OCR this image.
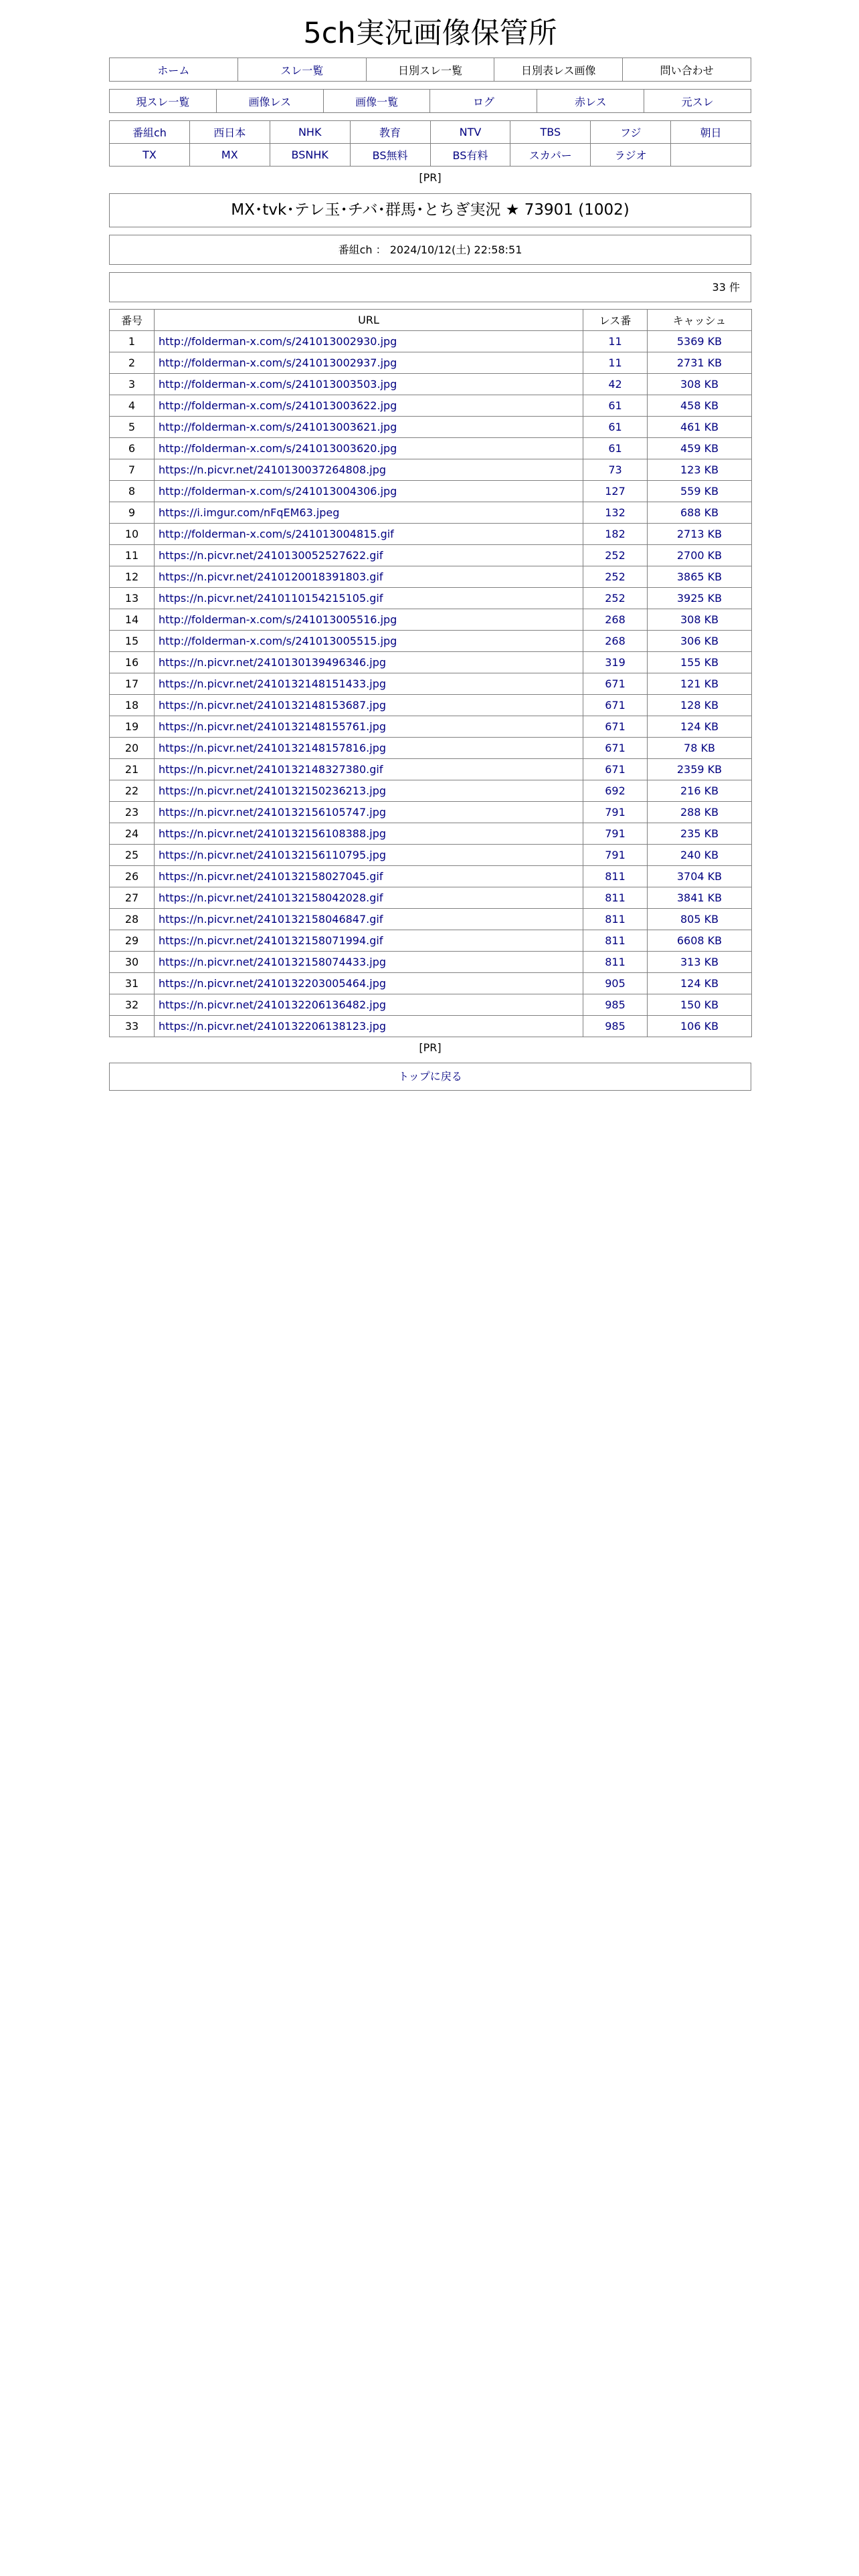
5ch実況画像保管所
ホーム	スレ一覧	日別スレ一覧	日別表レス画像	問い合わせ
現スレ一覧	画像レス	画像一覧	ログ	赤レス	元スレ
番組ch	西日本	NHK	教育	NTV	TBS	フジ	朝日
TX	MX	BSNHK	BS無料	BS有料	スカパー	ラジオ	
[PR]
MX･tvk･テレ玉･チバ･群馬･とちぎ実況 ★ 73901 (1002)
番組ch ： 2024/10/12(土) 22:58:51
33 件
番号	URL	レス番	キャッシュ
1	http://folderman-x.com/s/241013002930.jpg	11	5369 KB
2	http://folderman-x.com/s/241013002937.jpg	11	2731 KB
3	http://folderman-x.com/s/241013003503.jpg	42	308 KB
4	http://folderman-x.com/s/241013003622.jpg	61	458 KB
5	http://folderman-x.com/s/241013003621.jpg	61	461 KB
6	http://folderman-x.com/s/241013003620.jpg	61	459 KB
7	https://n.picvr.net/2410130037264808.jpg	73	123 KB
8	http://folderman-x.com/s/241013004306.jpg	127	559 KB
9	https://i.imgur.com/nFqEM63.jpeg	132	688 KB
10	http://folderman-x.com/s/241013004815.gif	182	2713 KB
11	https://n.picvr.net/2410130052527622.gif	252	2700 KB
12	https://n.picvr.net/2410120018391803.gif	252	3865 KB
13	https://n.picvr.net/2410110154215105.gif	252	3925 KB
14	http://folderman-x.com/s/241013005516.jpg	268	308 KB
15	http://folderman-x.com/s/241013005515.jpg	268	306 KB
16	https://n.picvr.net/2410130139496346.jpg	319	155 KB
17	https://n.picvr.net/2410132148151433.jpg	671	121 KB
18	https://n.picvr.net/2410132148153687.jpg	671	128 KB
19	https://n.picvr.net/2410132148155761.jpg	671	124 KB
20	https://n.picvr.net/2410132148157816.jpg	671	78 KB
21	https://n.picvr.net/2410132148327380.gif	671	2359 KB
22	https://n.picvr.net/2410132150236213.jpg	692	216 KB
23	https://n.picvr.net/2410132156105747.jpg	791	288 KB
24	https://n.picvr.net/2410132156108388.jpg	791	235 KB
25	https://n.picvr.net/2410132156110795.jpg	791	240 KB
26	https://n.picvr.net/2410132158027045.gif	811	3704 KB
27	https://n.picvr.net/2410132158042028.gif	811	3841 KB
28	https://n.picvr.net/2410132158046847.gif	811	805 KB
29	https://n.picvr.net/2410132158071994.gif	811	6608 KB
30	https://n.picvr.net/2410132158074433.jpg	811	313 KB
31	https://n.picvr.net/2410132203005464.jpg	905	124 KB
32	https://n.picvr.net/2410132206136482.jpg	985	150 KB
33	https://n.picvr.net/2410132206138123.jpg	985	106 KB
[PR]
トップに戻る
